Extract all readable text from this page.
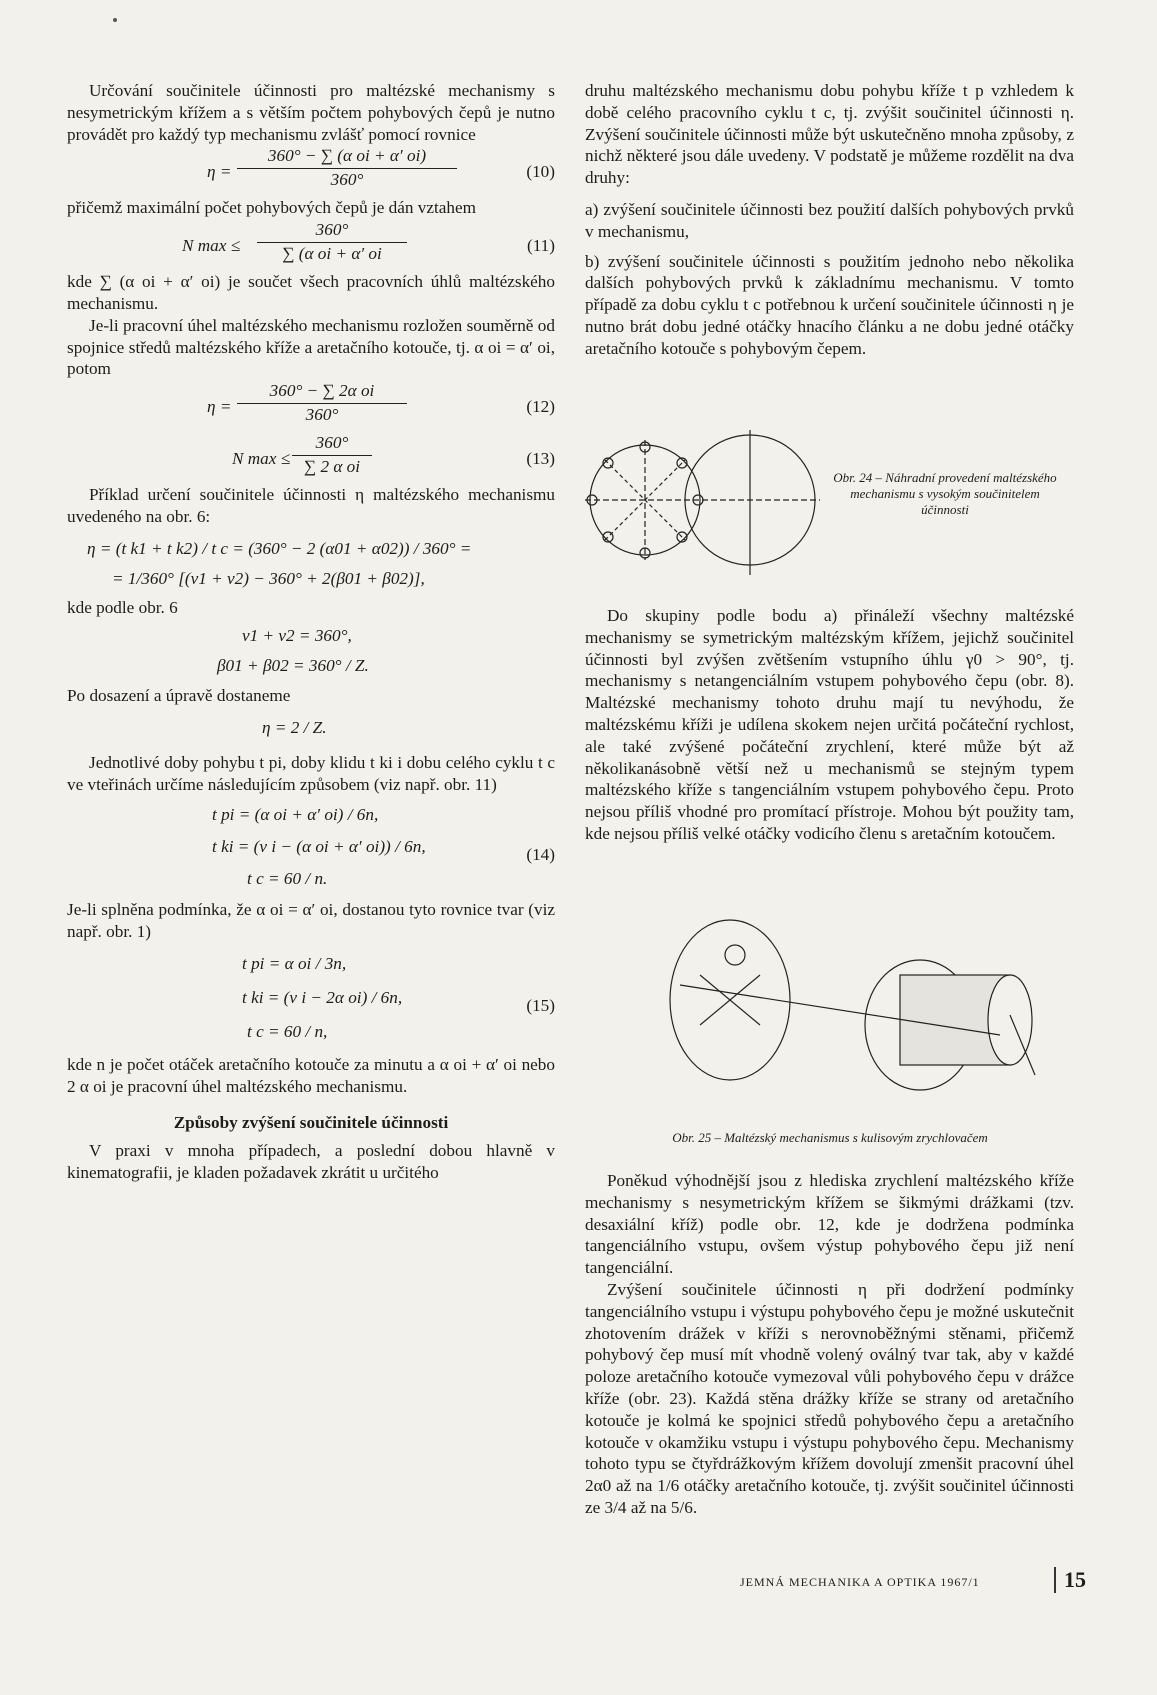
Určování součinitele účinnosti pro maltézské mechanismy s nesymetrickým křížem a s větším počtem pohybových čepů je nutno provádět pro každý typ mechanismu zvlášť pomocí rovnice

$\eta = \frac{\text{360° − ∑ (α oi + α′ oi)}}{360^\circ}$	(10)

přičemž maximální počet pohybových čepů je dán vztahem

N $\max \le \frac{360^\circ}{\text{∑ (α oi + α′ oi}}$	(11)

kde ∑ (α oi + α′ oi) je součet všech pracovních úhlů maltézského mechanismu.

Je-li pracovní úhel maltézského mechanismu rozložen souměrně od spojnice středů maltézského kříže a aretačního kotouče, tj. α oi = α′ oi, potom

$\eta = \frac{\text{360° − ∑ 2α oi}}{360^\circ}$	(12)
N $\max \le \frac{360^\circ}{\text{∑ 2 α oi}}$	(13)

Příklad určení součinitele účinnosti η maltézského mechanismu uvedeného na obr. 6:

η = (t k1 + t k2) / t c = (360° − 2 (α01 + α02)) / 360° =

= 1/360° [(ν1 + ν2) − 360° + 2(β01 + β02)],

kde podle obr. 6

ν1 + ν2 = 360°,

β01 + β02 = 360° / Z.

Po dosazení a úpravě dostaneme

η = 2 / Z.

Jednotlivé doby pohybu t pi, doby klidu t ki i dobu celého cyklu t c ve vteřinách určíme následujícím způsobem (viz např. obr. 11)

t pi = (α oi + α′ oi) / 6n,

t ki = (ν i − (α oi + α′ oi)) / 6n,

t c = 60 / n.

(14)

Je-li splněna podmínka, že α oi = α′ oi, dostanou tyto rovnice tvar (viz např. obr. 1)

t pi = α oi / 3n,

t ki = (ν i − 2α oi) / 6n,

t c = 60 / n,

(15)

kde n je počet otáček aretačního kotouče za minutu a α oi + α′ oi nebo 2 α oi je pracovní úhel maltézského mechanismu.

Způsoby zvýšení součinitele účinnosti

V praxi v mnoha případech, a poslední dobou hlavně v kinematografii, je kladen požadavek zkrátit u určitého

druhu maltézského mechanismu dobu pohybu kříže t p vzhledem k době celého pracovního cyklu t c, tj. zvýšit součinitel účinnosti η. Zvýšení součinitele účinnosti může být uskutečněno mnoha způsoby, z nichž některé jsou dále uvedeny. V podstatě je můžeme rozdělit na dva druhy:

a) zvýšení součinitele účinnosti bez použití dalších pohybových prvků v mechanismu,

b) zvýšení součinitele účinnosti s použitím jednoho nebo několika dalších pohybových prvků k základnímu mechanismu. V tomto případě za dobu cyklu t c potřebnou k určení součinitele účinnosti η je nutno brát dobu jedné otáčky hnacího článku a ne dobu jedné otáčky aretačního kotouče s pohybovým čepem.

Obr. 24 – Náhradní provedení maltézského mechanismu s vysokým součinitelem účinnosti

Do skupiny podle bodu a) přináleží všechny maltézské mechanismy se symetrickým maltézským křížem, jejichž součinitel účinnosti byl zvýšen zvětšením vstupního úhlu γ0 > 90°, tj. mechanismy s netangenciálním vstupem pohybového čepu (obr. 8). Maltézské mechanismy tohoto druhu mají tu nevýhodu, že maltézskému kříži je udílena skokem nejen určitá počáteční rychlost, ale také zvýšené počáteční zrychlení, které může být až několikanásobně větší než u mechanismů se stejným typem maltézského kříže s tangenciálním vstupem pohybového čepu. Proto nejsou příliš vhodné pro promítací přístroje. Mohou být použity tam, kde nejsou příliš velké otáčky vodicího členu s aretačním kotoučem.

Obr. 25 – Maltézský mechanismus s kulisovým zrychlovačem

Poněkud výhodnější jsou z hlediska zrychlení maltézského kříže mechanismy s nesymetrickým křížem se šikmými drážkami (tzv. desaxiální kříž) podle obr. 12, kde je dodržena podmínka tangenciálního vstupu, ovšem výstup pohybového čepu již není tangenciální.

Zvýšení součinitele účinnosti η při dodržení podmínky tangenciálního vstupu i výstupu pohybového čepu je možné uskutečnit zhotovením drážek v kříži s nerovnoběžnými stěnami, přičemž pohybový čep musí mít vhodně volený oválný tvar tak, aby v každé poloze aretačního kotouče vymezoval vůli pohybového čepu v drážce kříže (obr. 23). Každá stěna drážky kříže se strany od aretačního kotouče je kolmá ke spojnici středů pohybového čepu a aretačního kotouče v okamžiku vstupu i výstupu pohybového čepu. Mechanismy tohoto typu se čtyřdrážkovým křížem dovolují zmenšit pracovní úhel 2α0 až na 1/6 otáčky aretačního kotouče, tj. zvýšit součinitel účinnosti ze 3/4 až na 5/6.

JEMNÁ MECHANIKA A OPTIKA 1967/1	15
